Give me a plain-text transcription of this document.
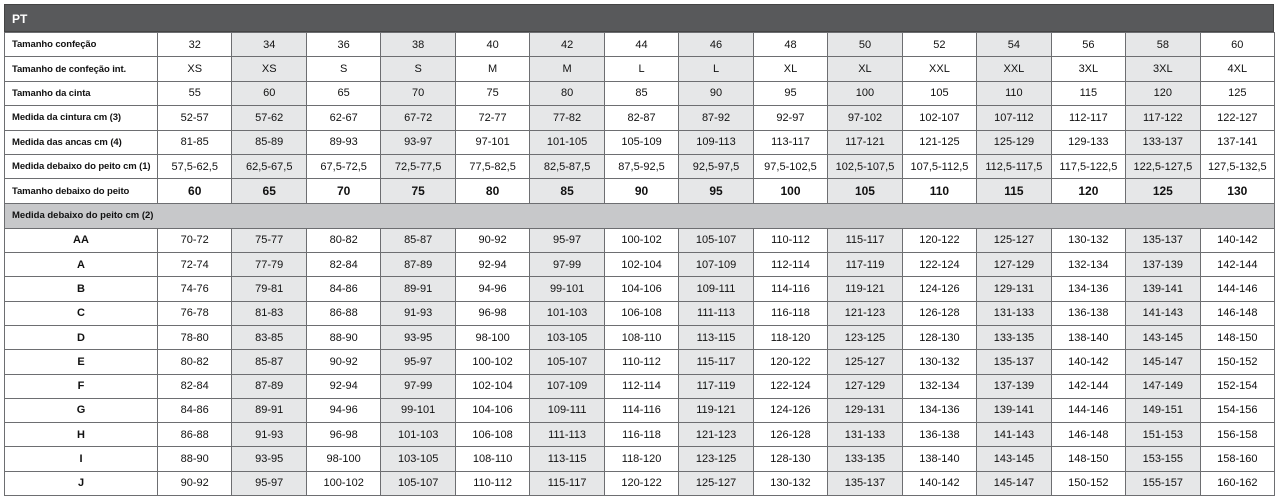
PT
Tamanho confeção	32	34	36	38	40	42	44	46	48	50	52	54	56	58	60
Tamanho de confeção int.	XS	XS	S	S	M	M	L	L	XL	XL	XXL	XXL	3XL	3XL	4XL
Tamanho da cinta	55	60	65	70	75	80	85	90	95	100	105	110	115	120	125
Medida da cintura cm (3)	52-57	57-62	62-67	67-72	72-77	77-82	82-87	87-92	92-97	97-102	102-107	107-112	112-117	117-122	122-127
Medida das ancas cm (4)	81-85	85-89	89-93	93-97	97-101	101-105	105-109	109-113	113-117	117-121	121-125	125-129	129-133	133-137	137-141
Medida debaixo do peito cm (1)	57,5-62,5	62,5-67,5	67,5-72,5	72,5-77,5	77,5-82,5	82,5-87,5	87,5-92,5	92,5-97,5	97,5-102,5	102,5-107,5	107,5-112,5	112,5-117,5	117,5-122,5	122,5-127,5	127,5-132,5
Tamanho debaixo do peito	60	65	70	75	80	85	90	95	100	105	110	115	120	125	130
Medida debaixo do peito cm (2)															
AA	70-72	75-77	80-82	85-87	90-92	95-97	100-102	105-107	110-112	115-117	120-122	125-127	130-132	135-137	140-142
A	72-74	77-79	82-84	87-89	92-94	97-99	102-104	107-109	112-114	117-119	122-124	127-129	132-134	137-139	142-144
B	74-76	79-81	84-86	89-91	94-96	99-101	104-106	109-111	114-116	119-121	124-126	129-131	134-136	139-141	144-146
C	76-78	81-83	86-88	91-93	96-98	101-103	106-108	111-113	116-118	121-123	126-128	131-133	136-138	141-143	146-148
D	78-80	83-85	88-90	93-95	98-100	103-105	108-110	113-115	118-120	123-125	128-130	133-135	138-140	143-145	148-150
E	80-82	85-87	90-92	95-97	100-102	105-107	110-112	115-117	120-122	125-127	130-132	135-137	140-142	145-147	150-152
F	82-84	87-89	92-94	97-99	102-104	107-109	112-114	117-119	122-124	127-129	132-134	137-139	142-144	147-149	152-154
G	84-86	89-91	94-96	99-101	104-106	109-111	114-116	119-121	124-126	129-131	134-136	139-141	144-146	149-151	154-156
H	86-88	91-93	96-98	101-103	106-108	111-113	116-118	121-123	126-128	131-133	136-138	141-143	146-148	151-153	156-158
I	88-90	93-95	98-100	103-105	108-110	113-115	118-120	123-125	128-130	133-135	138-140	143-145	148-150	153-155	158-160
J	90-92	95-97	100-102	105-107	110-112	115-117	120-122	125-127	130-132	135-137	140-142	145-147	150-152	155-157	160-162
